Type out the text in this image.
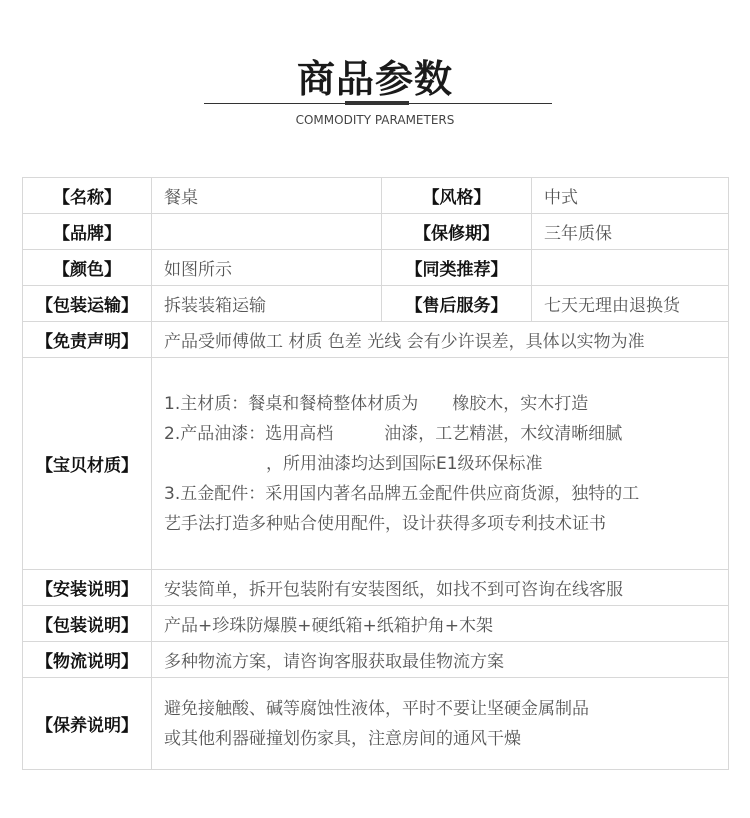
商品参数
COMMODITY PARAMETERS
【名称】	餐桌	【风格】	中式
【品牌】		【保修期】	三年质保
【颜色】	如图所示	【同类推荐】	
【包装运输】	拆装装箱运输	【售后服务】	七天无理由退换货
【免责声明】	产品受师傅做工 材质 色差 光线 会有少许误差，具体以实物为准		
【宝贝材质】	1.主材质：餐桌和餐椅整体材质为　　 橡胶木，实木打造
2.产品油漆：选用高档　　　 油漆，工艺精湛，木纹清晰细腻
　　　　　　，所用油漆均达到国际E1级环保标准
3.五金配件：采用国内著名品牌五金配件供应商货源，独特的工
艺手法打造多种贴合使用配件，设计获得多项专利技术证书		

【安装说明】	安装简单，拆开包装附有安装图纸，如找不到可咨询在线客服		
【包装说明】	产品+珍珠防爆膜+硬纸箱+纸箱护角+木架		
【物流说明】	多种物流方案，请咨询客服获取最佳物流方案		
【保养说明】	避免接触酸、碱等腐蚀性液体，平时不要让坚硬金属制品
或其他利器碰撞划伤家具，注意房间的通风干燥		
